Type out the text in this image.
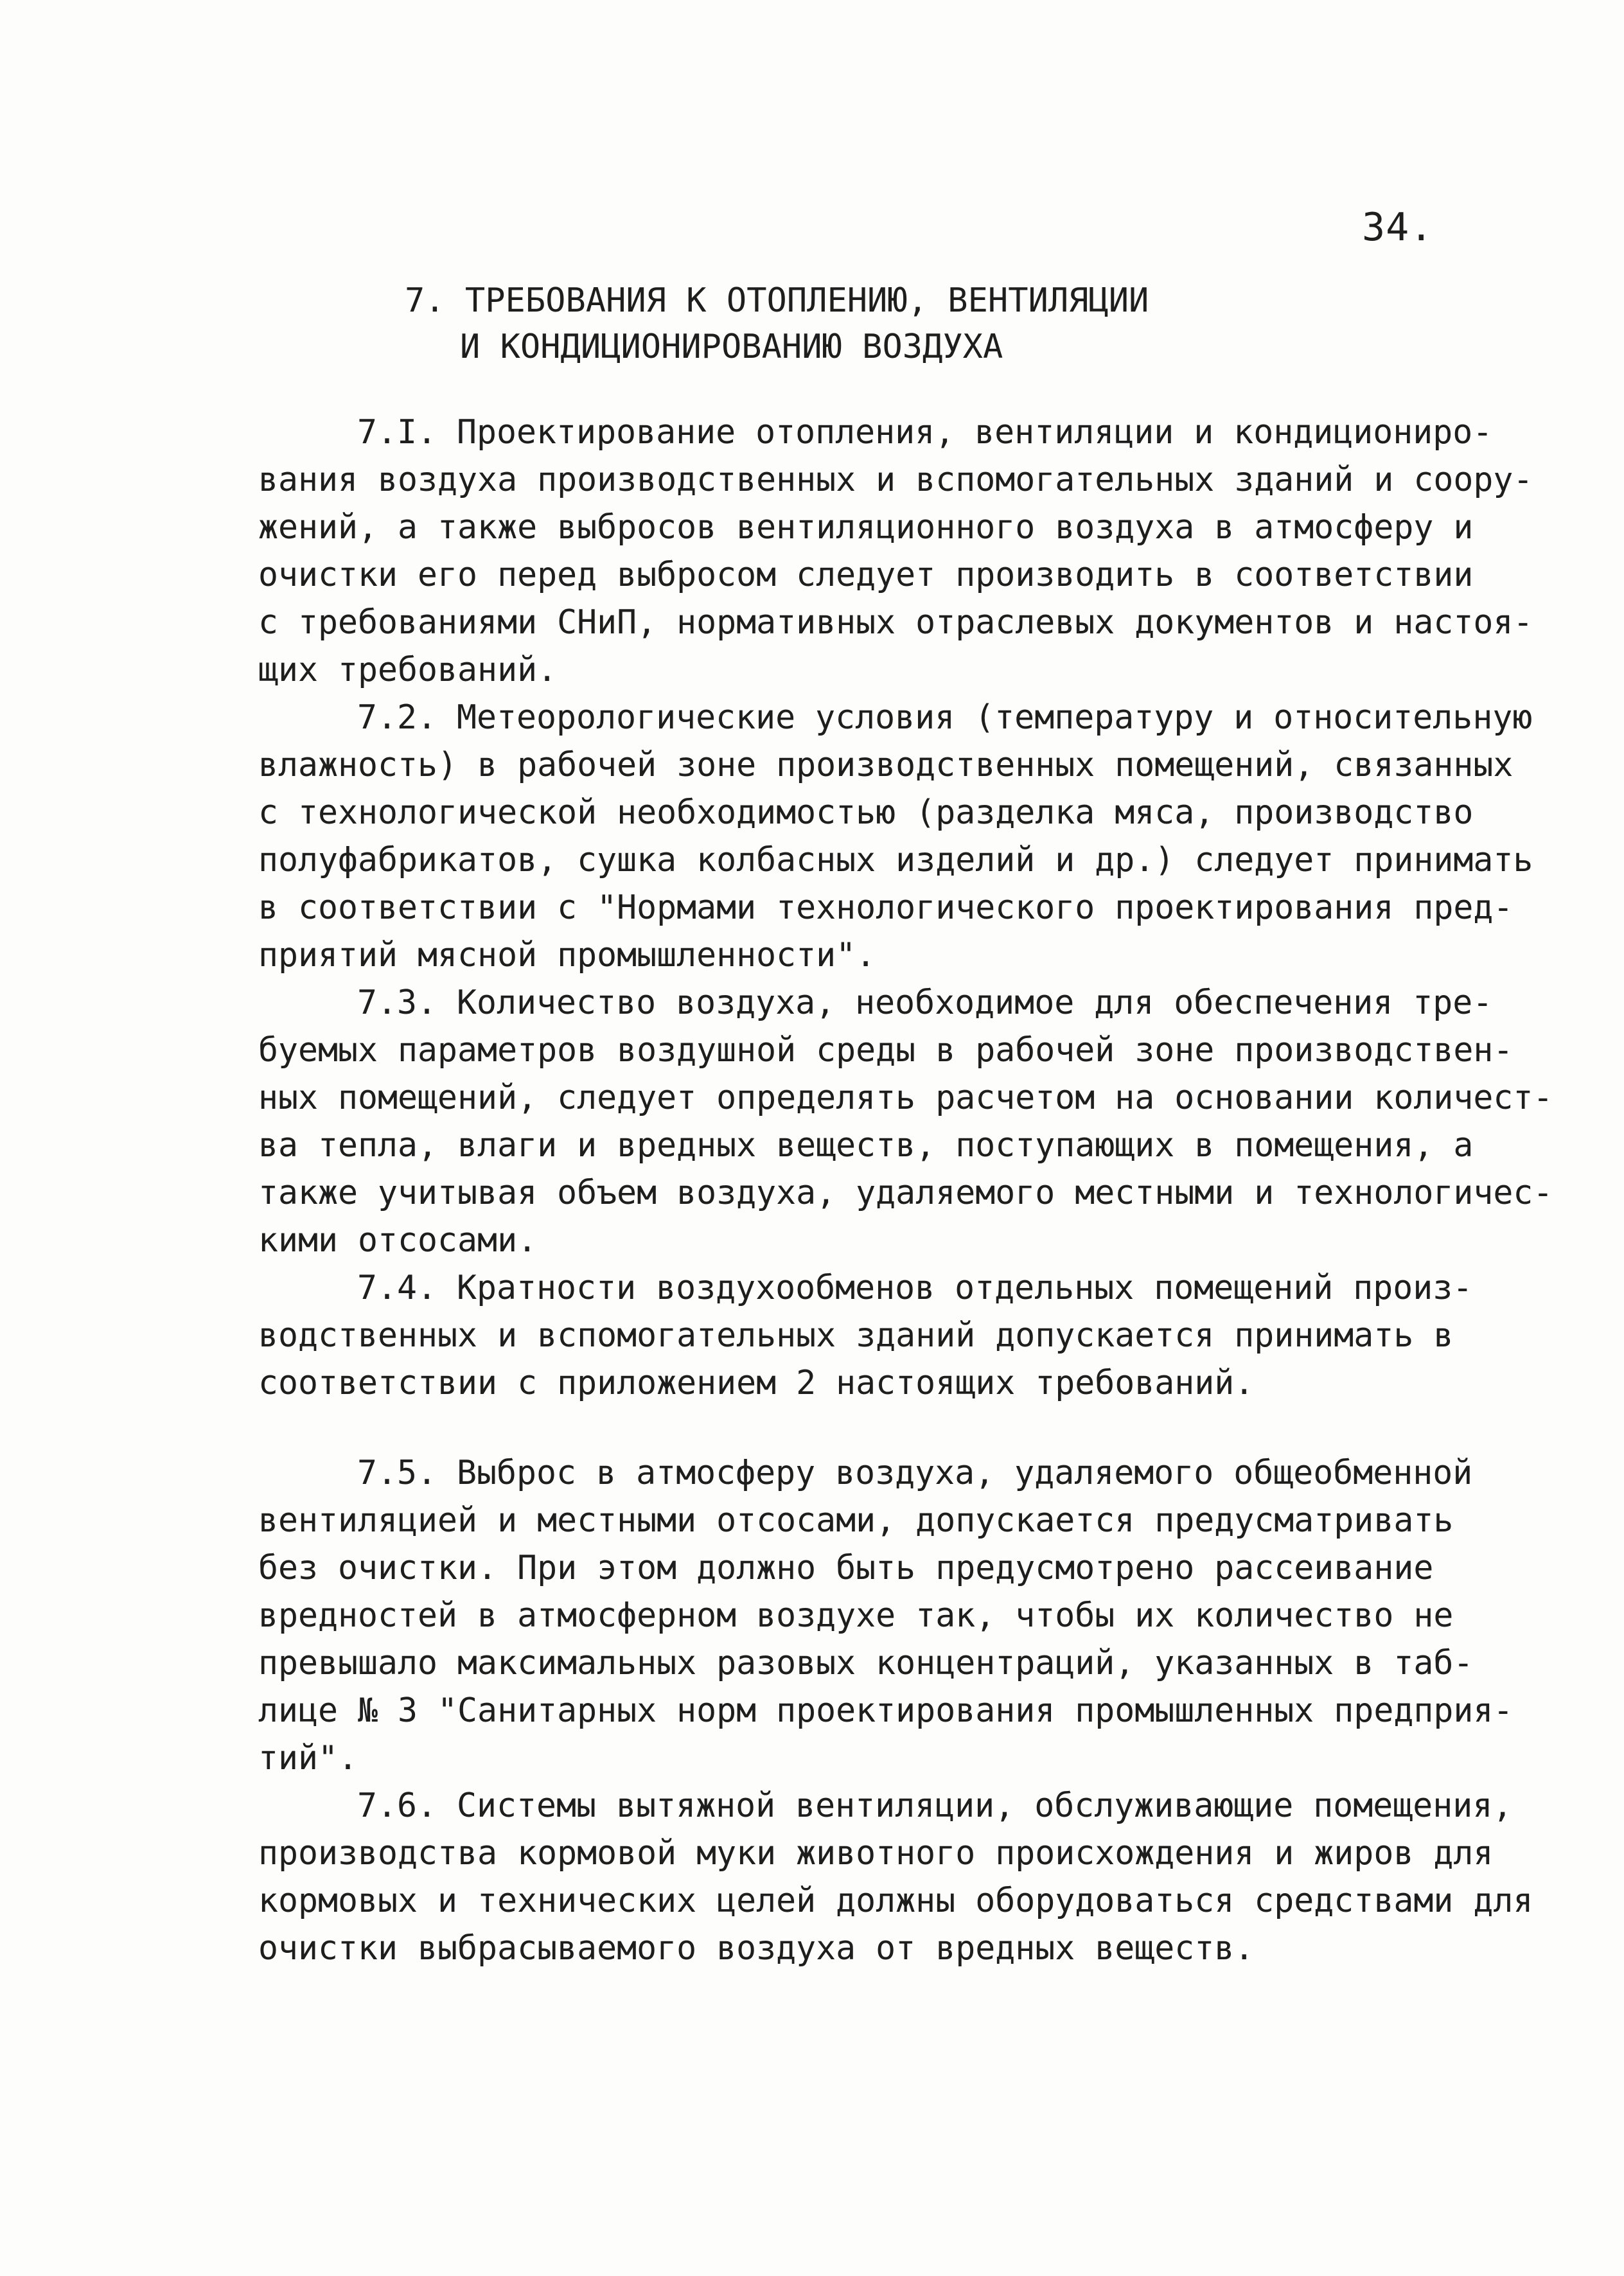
34.
7. ТРЕБОВАНИЯ К ОТОПЛЕНИЮ, ВЕНТИЛЯЦИИ
И КОНДИЦИОНИРОВАНИЮ ВОЗДУХА
7.I. Проектирование отопления, вентиляции и кондициониро-
вания воздуха производственных и вспомогательных зданий и соору-
жений, а также выбросов вентиляционного воздуха в атмосферу и
очистки его перед выбросом следует производить в соответствии
с требованиями СНиП, нормативных отраслевых документов и настоя-
щих требований.
7.2. Метеорологические условия (температуру и относительную
влажность) в рабочей зоне производственных помещений, связанных
с технологической необходимостью (разделка мяса, производство
полуфабрикатов, сушка колбасных изделий и др.) следует принимать
в соответствии с "Нормами технологического проектирования пред-
приятий мясной промышленности".
7.3. Количество воздуха, необходимое для обеспечения тре-
буемых параметров воздушной среды в рабочей зоне производствен-
ных помещений, следует определять расчетом на основании количест-
ва тепла, влаги и вредных веществ, поступающих в помещения, а
также учитывая объем воздуха, удаляемого местными и технологичес-
кими отсосами.
7.4. Кратности воздухообменов отдельных помещений произ-
водственных и вспомогательных зданий допускается принимать в
соответствии с приложением 2 настоящих требований.
7.5. Выброс в атмосферу воздуха, удаляемого общеобменной
вентиляцией и местными отсосами, допускается предусматривать
без очистки. При этом должно быть предусмотрено рассеивание
вредностей в атмосферном воздухе так, чтобы их количество не
превышало максимальных разовых концентраций, указанных в таб-
лице № 3 "Санитарных норм проектирования промышленных предприя-
тий".
7.6. Системы вытяжной вентиляции, обслуживающие помещения,
производства кормовой муки животного происхождения и жиров для
кормовых и технических целей должны оборудоваться средствами для
очистки выбрасываемого воздуха от вредных веществ.
